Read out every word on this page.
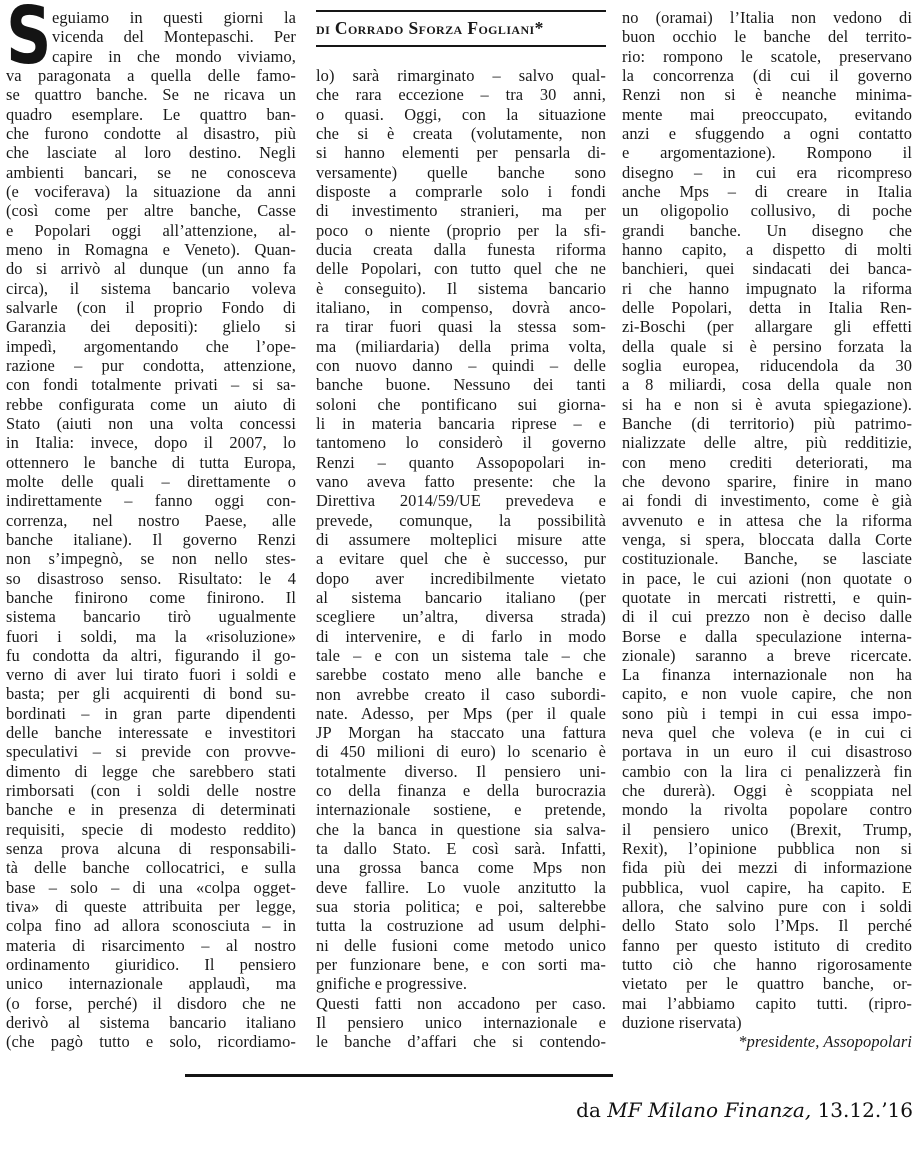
S eguiamo in questi giorni la
vicenda del Montepaschi. Per
capire in che mondo viviamo,
va paragonata a quella delle famo-
se quattro banche. Se ne ricava un
quadro esemplare. Le quattro ban-
che furono condotte al disastro, più
che lasciate al loro destino. Negli
ambienti bancari, se ne conosceva
(e vociferava) la situazione da anni
(così come per altre banche, Casse
e Popolari oggi all’attenzione, al-
meno in Romagna e Veneto). Quan-
do si arrivò al dunque (un anno fa
circa), il sistema bancario voleva
salvarle (con il proprio Fondo di
Garanzia dei depositi): glielo si
impedì, argomentando che l’ope-
razione – pur condotta, attenzione,
con fondi totalmente privati – si sa-
rebbe configurata come un aiuto di
Stato (aiuti non una volta concessi
in Italia: invece, dopo il 2007, lo
ottennero le banche di tutta Europa,
molte delle quali – direttamente o
indirettamente – fanno oggi con-
correnza, nel nostro Paese, alle
banche italiane). Il governo Renzi
non s’impegnò, se non nello stes-
so disastroso senso. Risultato: le 4
banche finirono come finirono. Il
sistema bancario tirò ugualmente
fuori i soldi, ma la «risoluzione»
fu condotta da altri, figurando il go-
verno di aver lui tirato fuori i soldi e
basta; per gli acquirenti di bond su-
bordinati – in gran parte dipendenti
delle banche interessate e investitori
speculativi – si previde con provve-
dimento di legge che sarebbero stati
rimborsati (con i soldi delle nostre
banche e in presenza di determinati
requisiti, specie di modesto reddito)
senza prova alcuna di responsabili-
tà delle banche collocatrici, e sulla
base – solo – di una «colpa ogget-
tiva» di queste attribuita per legge,
colpa fino ad allora sconosciuta – in
materia di risarcimento – al nostro
ordinamento giuridico. Il pensiero
unico internazionale applaudì, ma
(o forse, perché) il disdoro che ne
derivò al sistema bancario italiano
(che pagò tutto e solo, ricordiamo-
di Corrado Sforza Fogliani*
lo) sarà rimarginato – salvo qual-
che rara eccezione – tra 30 anni,
o quasi. Oggi, con la situazione
che si è creata (volutamente, non
si hanno elementi per pensarla di-
versamente) quelle banche sono
disposte a comprarle solo i fondi
di investimento stranieri, ma per
poco o niente (proprio per la sfi-
ducia creata dalla funesta riforma
delle Popolari, con tutto quel che ne
è conseguito). Il sistema bancario
italiano, in compenso, dovrà anco-
ra tirar fuori quasi la stessa som-
ma (miliardaria) della prima volta,
con nuovo danno – quindi – delle
banche buone. Nessuno dei tanti
soloni che pontificano sui giorna-
li in materia bancaria riprese – e
tantomeno lo considerò il governo
Renzi – quanto Assopopolari in-
vano aveva fatto presente: che la
Direttiva 2014/59/UE prevedeva e
prevede, comunque, la possibilità
di assumere molteplici misure atte
a evitare quel che è successo, pur
dopo aver incredibilmente vietato
al sistema bancario italiano (per
scegliere un’altra, diversa strada)
di intervenire, e di farlo in modo
tale – e con un sistema tale – che
sarebbe costato meno alle banche e
non avrebbe creato il caso subordi-
nate. Adesso, per Mps (per il quale
JP Morgan ha staccato una fattura
di 450 milioni di euro) lo scenario è
totalmente diverso. Il pensiero uni-
co della finanza e della burocrazia
internazionale sostiene, e pretende,
che la banca in questione sia salva-
ta dallo Stato. E così sarà. Infatti,
una grossa banca come Mps non
deve fallire. Lo vuole anzitutto la
sua storia politica; e poi, salterebbe
tutta la costruzione ad usum delphi-
ni delle fusioni come metodo unico
per funzionare bene, e con sorti ma-
gnifiche e progressive.
Questi fatti non accadono per caso.
Il pensiero unico internazionale e
le banche d’affari che si contendo-
no (oramai) l’Italia non vedono di
buon occhio le banche del territo-
rio: rompono le scatole, preservano
la concorrenza (di cui il governo
Renzi non si è neanche minima-
mente mai preoccupato, evitando
anzi e sfuggendo a ogni contatto
e argomentazione). Rompono il
disegno – in cui era ricompreso
anche Mps – di creare in Italia
un oligopolio collusivo, di poche
grandi banche. Un disegno che
hanno capito, a dispetto di molti
banchieri, quei sindacati dei banca-
ri che hanno impugnato la riforma
delle Popolari, detta in Italia Ren-
zi-Boschi (per allargare gli effetti
della quale si è persino forzata la
soglia europea, riducendola da 30
a 8 miliardi, cosa della quale non
si ha e non si è avuta spiegazione).
Banche (di territorio) più patrimo-
nializzate delle altre, più redditizie,
con meno crediti deteriorati, ma
che devono sparire, finire in mano
ai fondi di investimento, come è già
avvenuto e in attesa che la riforma
venga, si spera, bloccata dalla Corte
costituzionale. Banche, se lasciate
in pace, le cui azioni (non quotate o
quotate in mercati ristretti, e quin-
di il cui prezzo non è deciso dalle
Borse e dalla speculazione interna-
zionale) saranno a breve ricercate.
La finanza internazionale non ha
capito, e non vuole capire, che non
sono più i tempi in cui essa impo-
neva quel che voleva (e in cui ci
portava in un euro il cui disastroso
cambio con la lira ci penalizzerà fin
che durerà). Oggi è scoppiata nel
mondo la rivolta popolare contro
il pensiero unico (Brexit, Trump,
Rexit), l’opinione pubblica non si
fida più dei mezzi di informazione
pubblica, vuol capire, ha capito. E
allora, che salvino pure con i soldi
dello Stato solo l’Mps. Il perché
fanno per questo istituto di credito
tutto ciò che hanno rigorosamente
vietato per le quattro banche, or-
mai l’abbiamo capito tutti. (ripro-
duzione riservata)
*presidente, Assopopolari
da MF Milano Finanza, 13.12.’16
